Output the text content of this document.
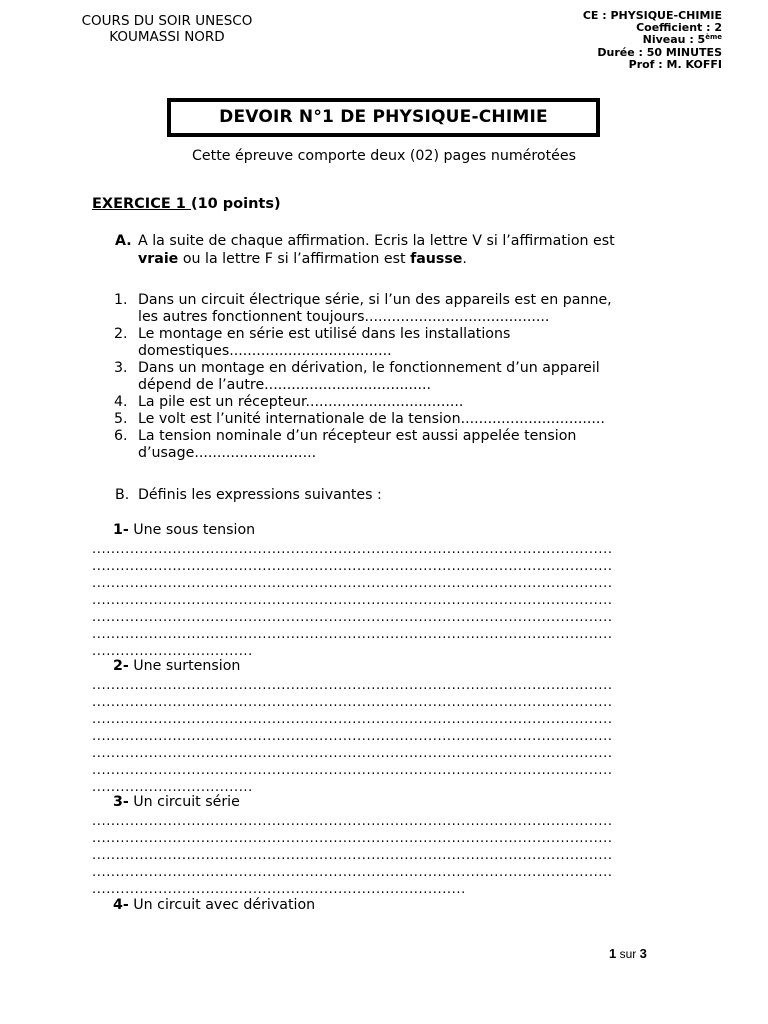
COURS DU SOIR UNESCO
KOUMASSI NORD
CE : PHYSIQUE-CHIMIE
Coefficient : 2
Niveau : 5ème
Durée : 50 MINUTES
Prof : M. KOFFI
DEVOIR N°1 DE PHYSIQUE-CHIMIE
Cette épreuve comporte deux (02) pages numérotées
EXERCICE 1 (10 points)
A. A la suite de chaque affirmation. Ecris la lettre V si l’affirmation est
vraie ou la lettre F si l’affirmation est fausse.
1. Dans un circuit électrique série, si l’un des appareils est en panne,
les autres fonctionnent toujours.........................................
2. Le montage en série est utilisé dans les installations
domestiques....................................
3. Dans un montage en dérivation, le fonctionnement d’un appareil
dépend de l’autre.....................................
4. La pile est un récepteur...................................
5. Le volt est l’unité internationale de la tension................................
6. La tension nominale d’un récepteur est aussi appelée tension
d’usage...........................
B. Définis les expressions suivantes :
1- Une sous tension
..............................................................................................................
..............................................................................................................
..............................................................................................................
..............................................................................................................
..............................................................................................................
..............................................................................................................
..................................
2- Une surtension
..............................................................................................................
..............................................................................................................
..............................................................................................................
..............................................................................................................
..............................................................................................................
..............................................................................................................
..................................
3- Un circuit série
..............................................................................................................
..............................................................................................................
..............................................................................................................
..............................................................................................................
...............................................................................
4- Un circuit avec dérivation
1 sur 3
